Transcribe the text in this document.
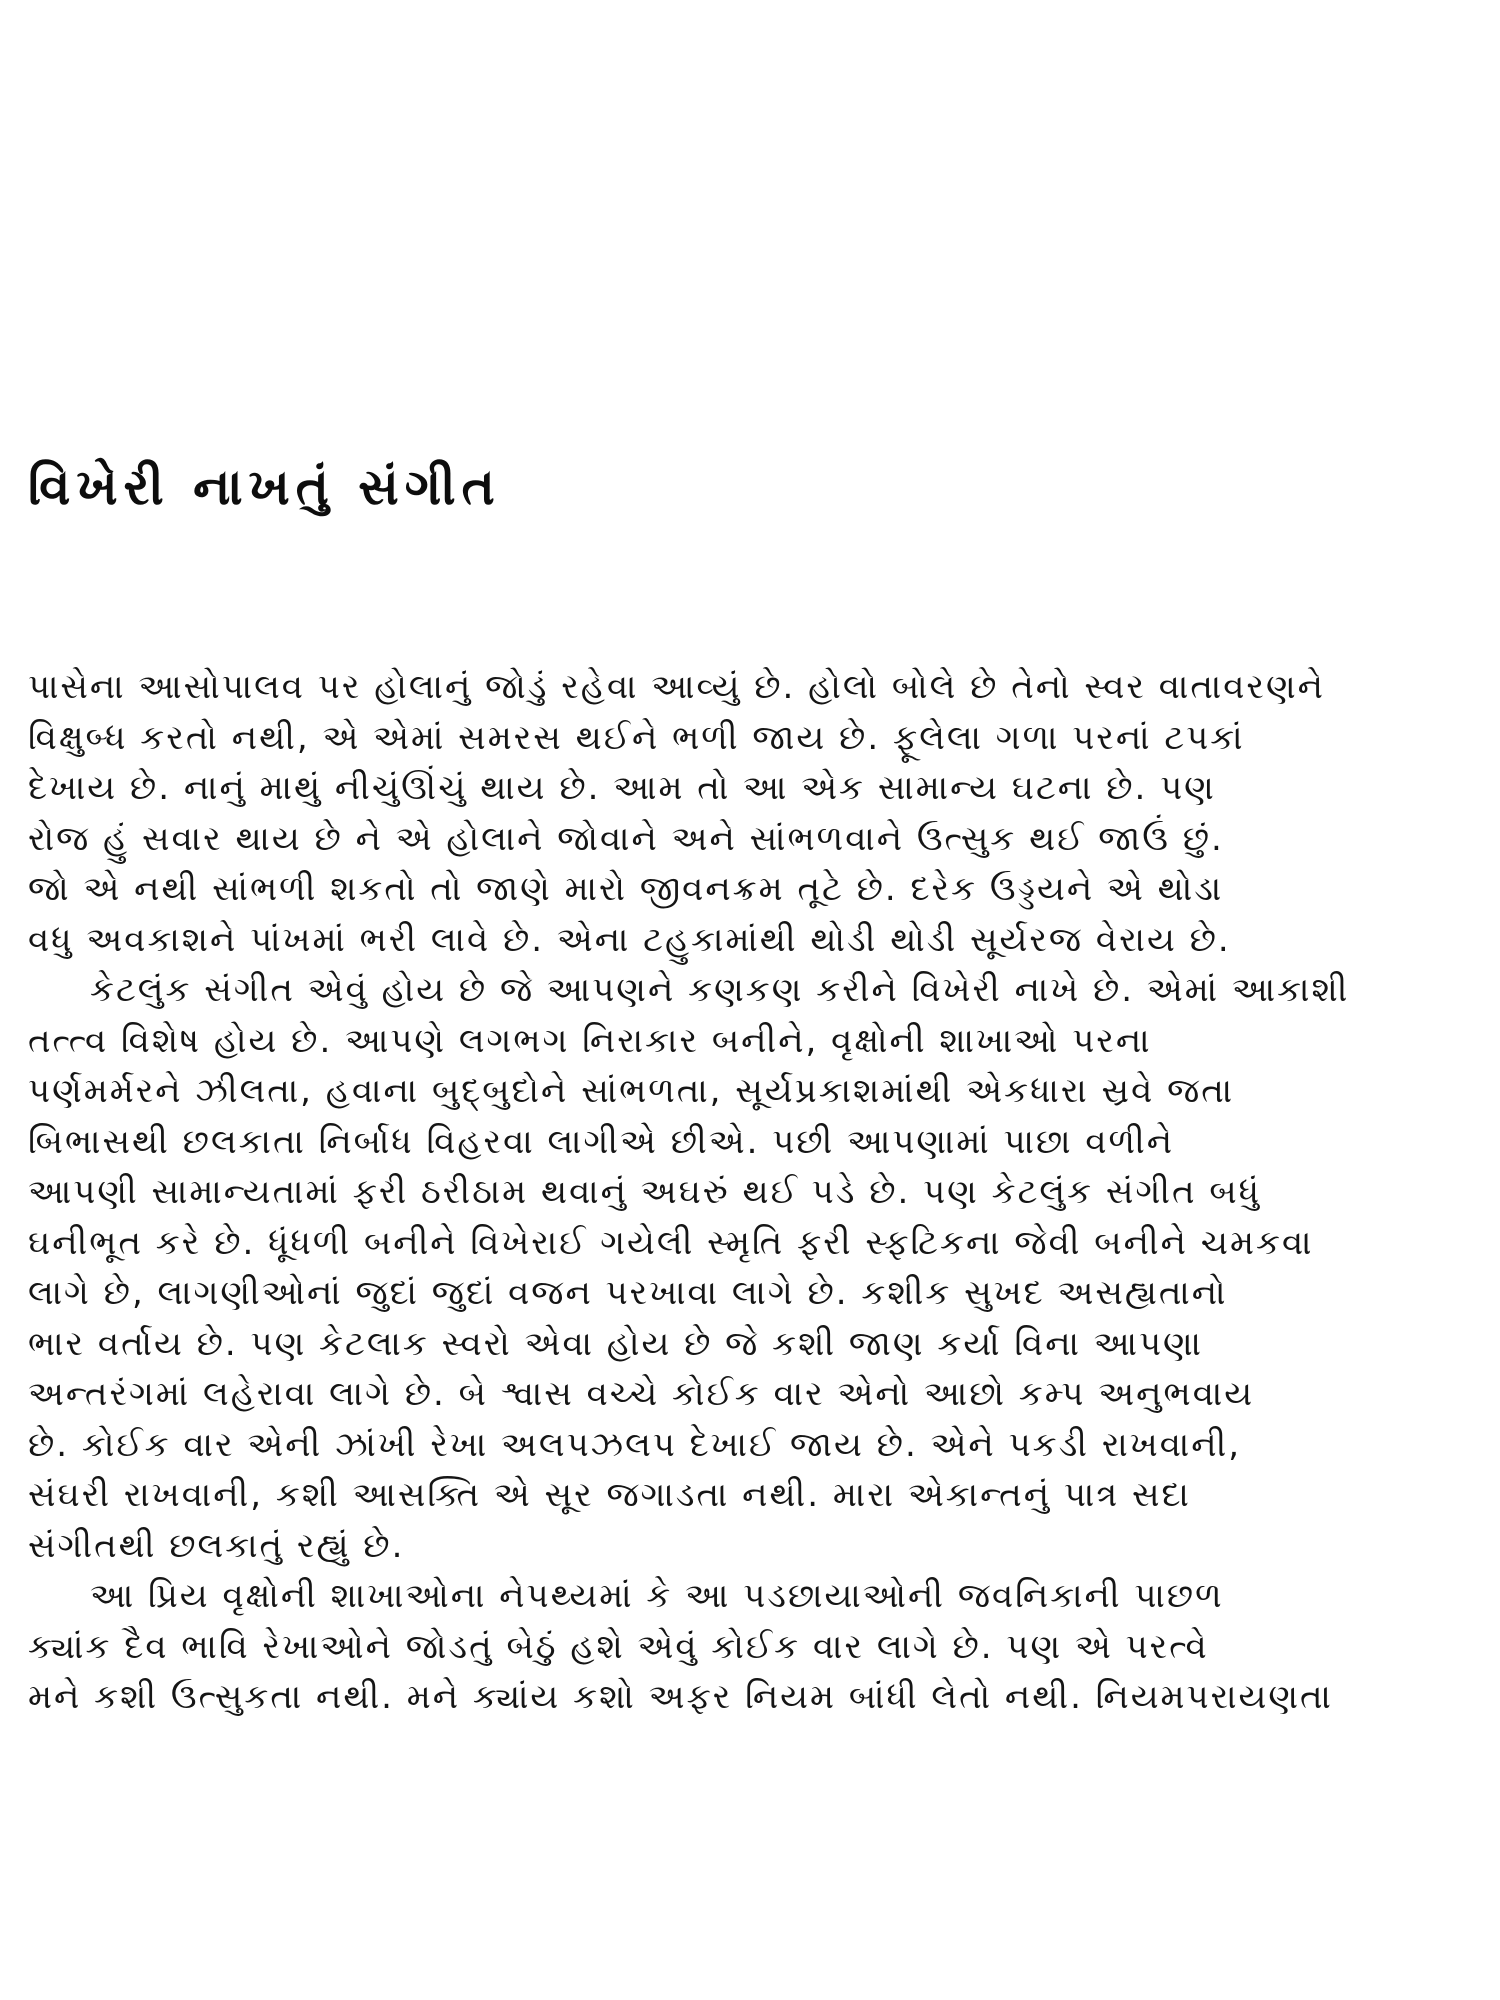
વિખેરી નાખતું સંગીત
પાસેના આસોપાલવ પર હોલાનું જોડું રહેવા આવ્યું છે. હોલો બોલે છે તેનો સ્વર વાતાવરણને
વિક્ષુબ્ધ કરતો નથી, એ એમાં સમરસ થઈને ભળી જાય છે. ફૂલેલા ગળા પરનાં ટપકાં
દેખાય છે. નાનું માથું નીચુંઊંચું થાય છે. આમ તો આ એક સામાન્ય ઘટના છે. પણ
રોજ હું સવાર થાય છે ને એ હોલાને જોવાને અને સાંભળવાને ઉત્સુક થઈ જાઉં છું.
જો એ નથી સાંભળી શકતો તો જાણે મારો જીવનક્રમ તૂટે છે. દરેક ઉડ્ડયને એ થોડા
વધુ અવકાશને પાંખમાં ભરી લાવે છે. એના ટહુકામાંથી થોડી થોડી સૂર્યરજ વેરાય છે.
કેટલુંક સંગીત એવું હોય છે જે આપણને કણકણ કરીને વિખેરી નાખે છે. એમાં આકાશી
તત્ત્વ વિશેષ હોય છે. આપણે લગભગ નિરાકાર બનીને, વૃક્ષોની શાખાઓ પરના
પર્ણમર્મરને ઝીલતા, હવાના બુદ્બુદોને સાંભળતા, સૂર્યપ્રકાશમાંથી એકધારા સ્રવે જતા
બિભાસથી છલકાતા નિર્બાધ વિહરવા લાગીએ છીએ. પછી આપણામાં પાછા વળીને
આપણી સામાન્યતામાં ફરી ઠરીઠામ થવાનું અઘરું થઈ પડે છે. પણ કેટલુંક સંગીત બધું
ઘનીભૂત કરે છે. ધૂંધળી બનીને વિખેરાઈ ગયેલી સ્મૃતિ ફરી સ્ફટિકના જેવી બનીને ચમકવા
લાગે છે, લાગણીઓનાં જુદાં જુદાં વજન પરખાવા લાગે છે. કશીક સુખદ અસહ્યતાનો
ભાર વર્તાય છે. પણ કેટલાક સ્વરો એવા હોય છે જે કશી જાણ કર્યા વિના આપણા
અન્તરંગમાં લહેરાવા લાગે છે. બે શ્વાસ વચ્ચે કોઈક વાર એનો આછો કમ્પ અનુભવાય
છે. કોઈક વાર એની ઝાંખી રેખા અલપઝલપ દેખાઈ જાય છે. એને પકડી રાખવાની,
સંઘરી રાખવાની, કશી આસક્તિ એ સૂર જગાડતા નથી. મારા એકાન્તનું પાત્ર સદા
સંગીતથી છલકાતું રહ્યું છે.
આ પ્રિય વૃક્ષોની શાખાઓના નેપથ્યમાં કે આ પડછાયાઓની જવનિકાની પાછળ
ક્યાંક દૈવ ભાવિ રેખાઓને જોડતું બેઠું હશે એવું કોઈક વાર લાગે છે. પણ એ પરત્વે
મને કશી ઉત્સુકતા નથી. મને ક્યાંય કશો અફર નિયમ બાંધી લેતો નથી. નિયમપરાયણતા
